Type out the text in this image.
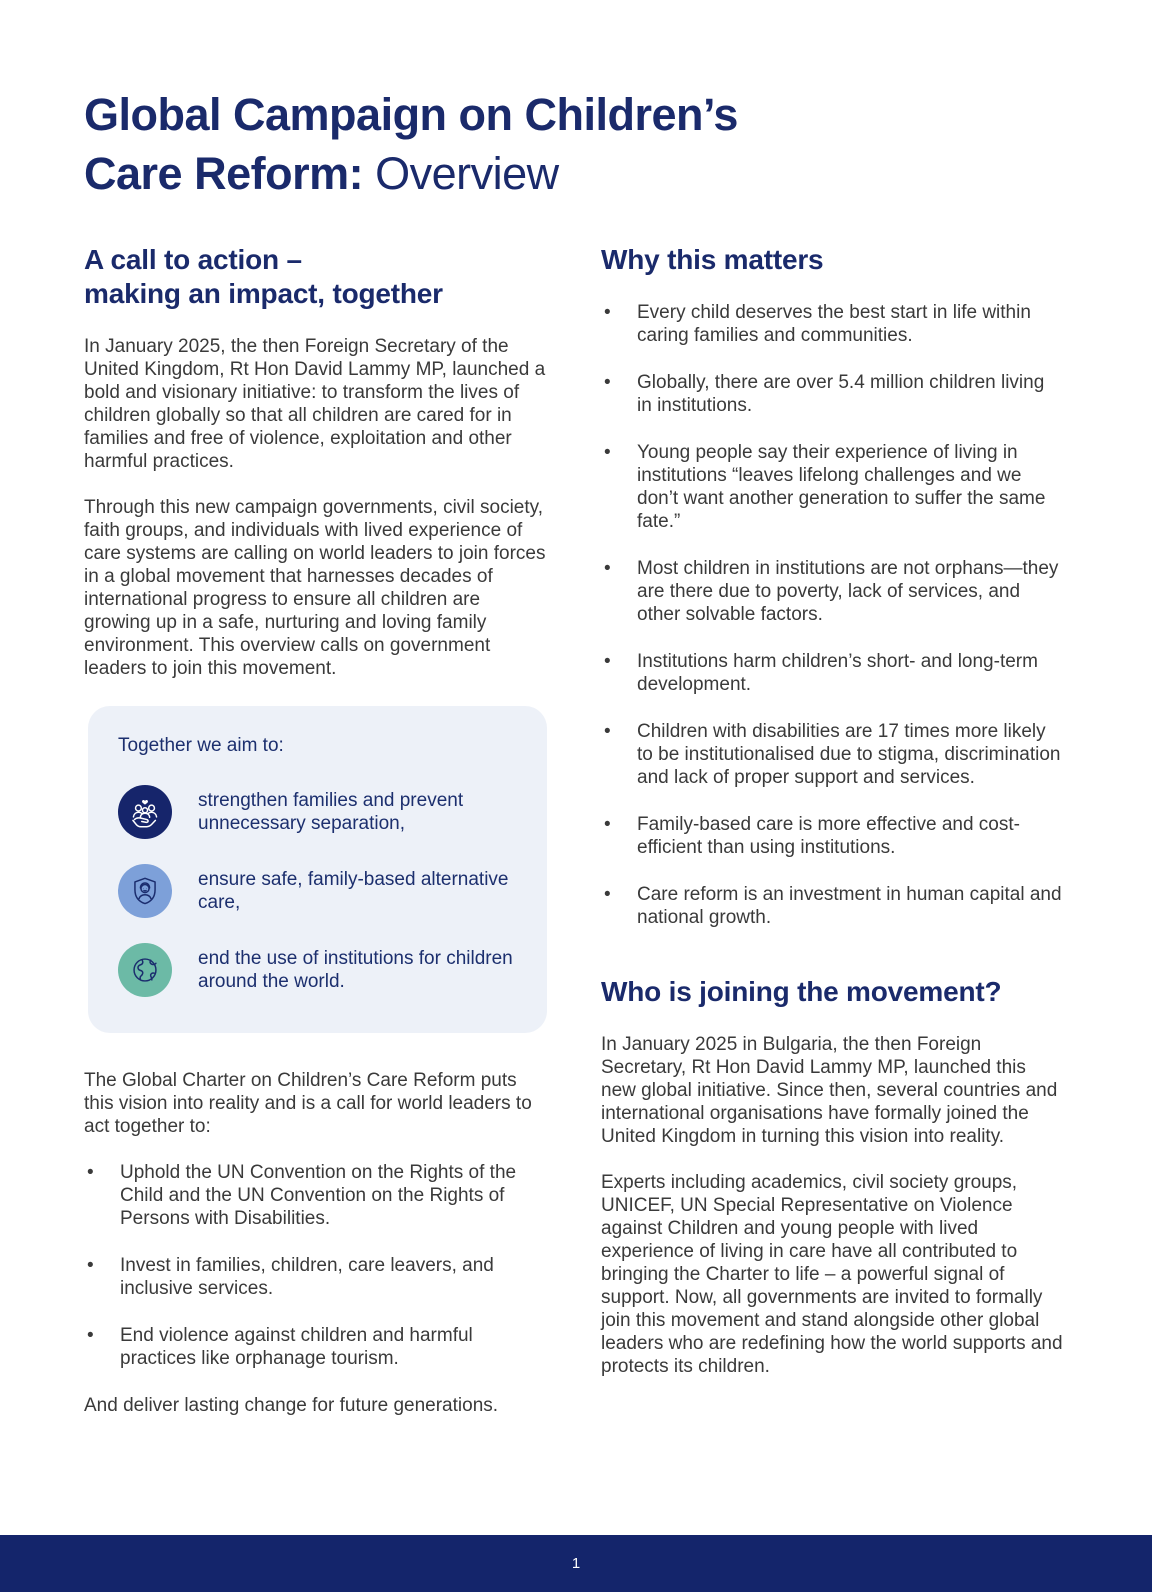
Global Campaign on Children’s
Care Reform: Overview
A call to action –
making an impact, together

In January 2025, the then Foreign Secretary of the United Kingdom, Rt Hon David Lammy MP, launched a bold and visionary initiative: to transform the lives of children globally so that all children are cared for in families and free of violence, exploitation and other harmful practices.

Through this new campaign governments, civil society, faith groups, and individuals with lived experience of care systems are calling on world leaders to join forces in a global movement that harnesses decades of international progress to ensure all children are growing up in a safe, nurturing and loving family environment. This overview calls on government leaders to join this movement.

Together we aim to:
strengthen families and prevent unnecessary separation,
ensure safe, family-based alternative care,
end the use of institutions for children around the world.

The Global Charter on Children’s Care Reform puts this vision into reality and is a call for world leaders to act together to:

• Uphold the UN Convention on the Rights of the Child and the UN Convention on the Rights of Persons with Disabilities.
• Invest in families, children, care leavers, and inclusive services.
• End violence against children and harmful practices like orphanage tourism.

And deliver lasting change for future generations.

Why this matters
• Every child deserves the best start in life within caring families and communities.
• Globally, there are over 5.4 million children living in institutions.
• Young people say their experience of living in institutions “leaves lifelong challenges and we don’t want another generation to suffer the same fate.”
• Most children in institutions are not orphans—they are there due to poverty, lack of services, and other solvable factors.
• Institutions harm children’s short- and long-term development.
• Children with disabilities are 17 times more likely to be institutionalised due to stigma, discrimination and lack of proper support and services.
• Family-based care is more effective and cost-efficient than using institutions.
• Care reform is an investment in human capital and national growth.
Who is joining the movement?

In January 2025 in Bulgaria, the then Foreign Secretary, Rt Hon David Lammy MP, launched this new global initiative. Since then, several countries and international organisations have formally joined the United Kingdom in turning this vision into reality.

Experts including academics, civil society groups, UNICEF, UN Special Representative on Violence against Children and young people with lived experience of living in care have all contributed to bringing the Charter to life – a powerful signal of support. Now, all governments are invited to formally join this movement and stand alongside other global leaders who are redefining how the world supports and protects its children.

1
